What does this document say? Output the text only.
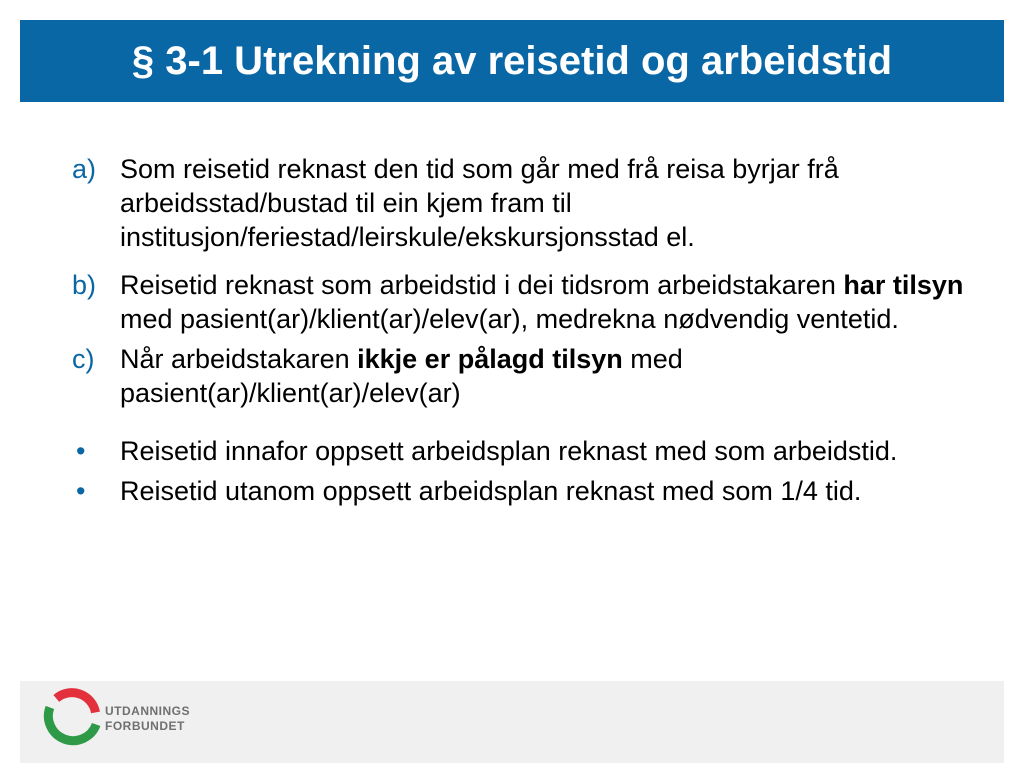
§ 3-1 Utrekning av reisetid og arbeidstid
a) Som reisetid reknast den tid som går med frå reisa byrjar frå arbeidsstad/bustad til ein kjem fram til institusjon/feriestad/leirskule/ekskursjonsstad el.
b) Reisetid reknast som arbeidstid i dei tidsrom arbeidstakaren har tilsyn med pasient(ar)/klient(ar)/elev(ar), medrekna nødvendig ventetid.
c) Når arbeidstakaren ikkje er pålagd tilsyn med pasient(ar)/klient(ar)/elev(ar)
• Reisetid innafor oppsett arbeidsplan reknast med som arbeidstid.
• Reisetid utanom oppsett arbeidsplan reknast med som 1/4 tid.
UTDANNINGS
FORBUNDET
